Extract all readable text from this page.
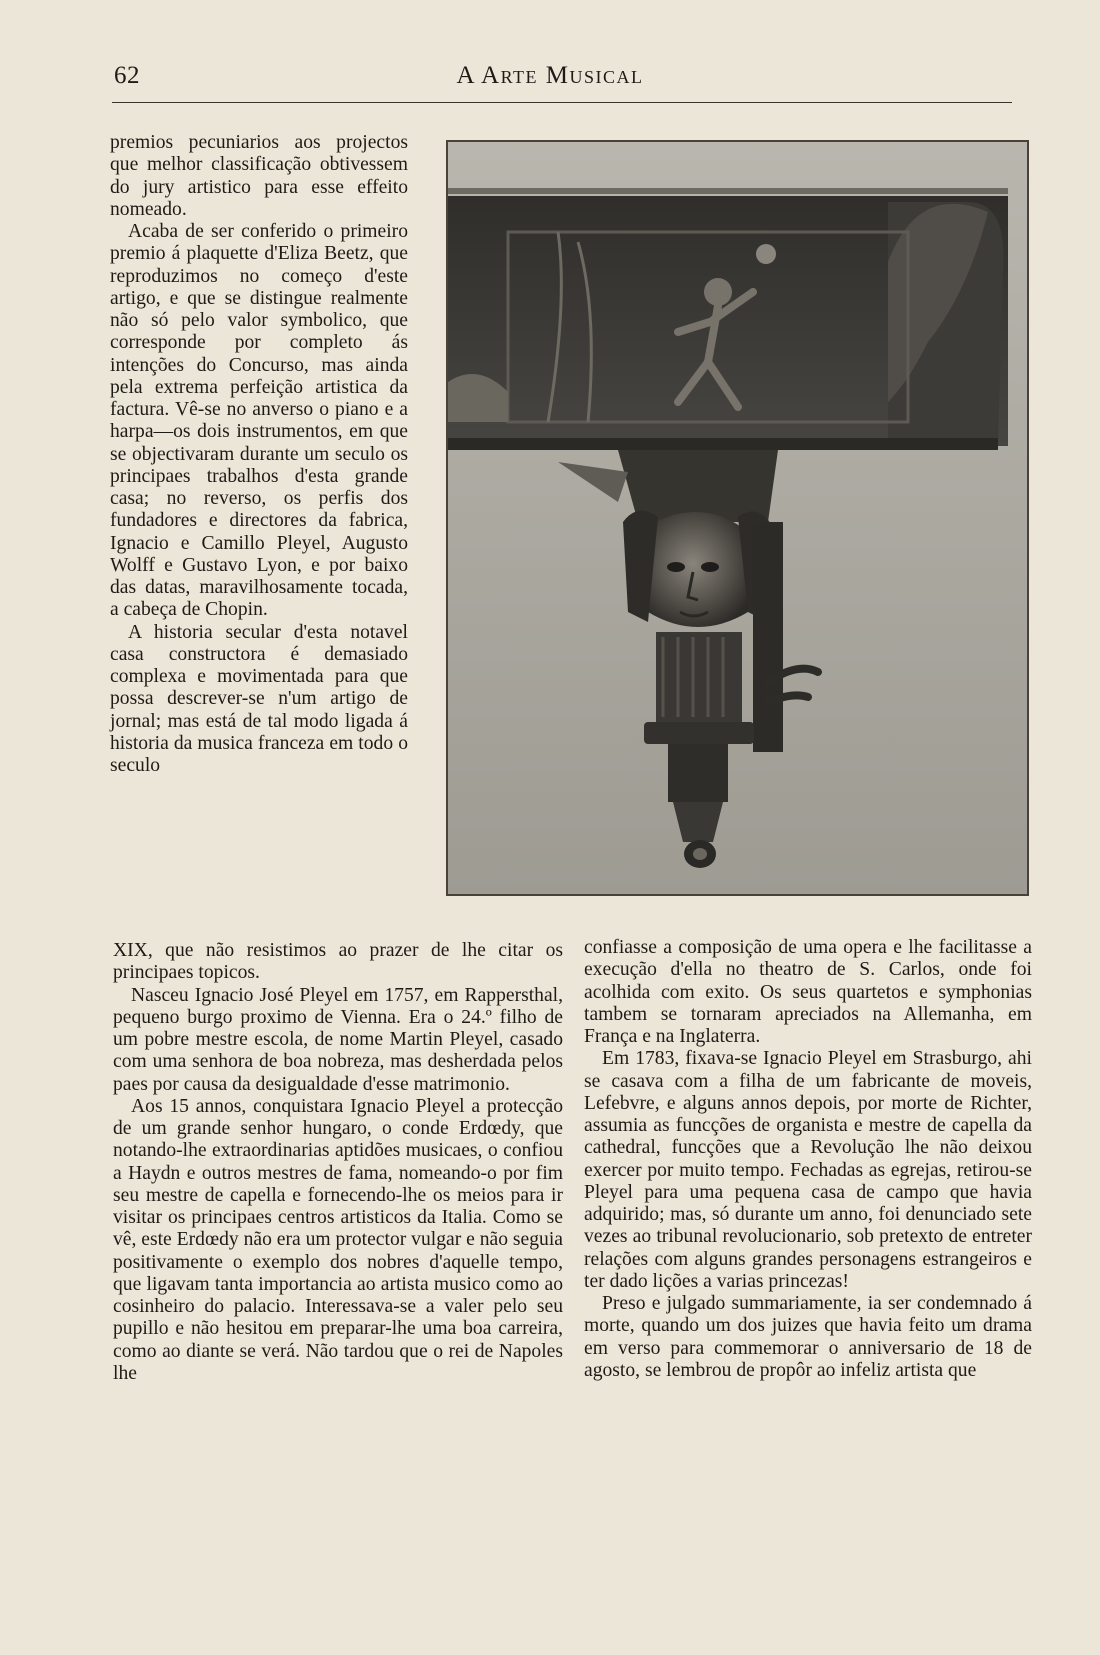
62	A Arte Musical

premios pecuniarios aos projectos que melhor classificação obtivessem do jury artistico para esse effeito nomeado.

Acaba de ser conferido o primeiro premio á plaquette d'Eliza Beetz, que reproduzimos no começo d'este artigo, e que se distingue realmente não só pelo valor symbolico, que corresponde por completo ás intenções do Concurso, mas ainda pela extrema perfeição artistica da factura. Vê-se no anverso o piano e a harpa—os dois instrumentos, em que se objectivaram durante um seculo os principaes trabalhos d'esta grande casa; no reverso, os perfis dos fundadores e directores da fabrica, Ignacio e Camillo Pleyel, Augusto Wolff e Gustavo Lyon, e por baixo das datas, maravilhosamente tocada, a cabeça de Chopin.

A historia secular d'esta notavel casa constructora é demasiado complexa e movimentada para que possa descrever-se n'um artigo de jornal; mas está de tal modo ligada á historia da musica franceza em todo o seculo

XIX, que não resistimos ao prazer de lhe citar os principaes topicos.

Nasceu Ignacio José Pleyel em 1757, em Rappersthal, pequeno burgo proximo de Vienna. Era o 24.º filho de um pobre mestre escola, de nome Martin Pleyel, casado com uma senhora de boa nobreza, mas desherdada pelos paes por causa da desigualdade d'esse matrimonio.

Aos 15 annos, conquistara Ignacio Pleyel a protecção de um grande senhor hungaro, o conde Erdœdy, que notando-lhe extraordinarias aptidões musicaes, o confiou a Haydn e outros mestres de fama, nomeando-o por fim seu mestre de capella e fornecendo-lhe os meios para ir visitar os principaes centros artisticos da Italia. Como se vê, este Erdœdy não era um protector vulgar e não seguia positivamente o exemplo dos nobres d'aquelle tempo, que ligavam tanta importancia ao artista musico como ao cosinheiro do palacio. Interessava-se a valer pelo seu pupillo e não hesitou em preparar-lhe uma boa carreira, como ao diante se verá. Não tardou que o rei de Napoles lhe

confiasse a composição de uma opera e lhe facilitasse a execução d'ella no theatro de S. Carlos, onde foi acolhida com exito. Os seus quartetos e symphonias tambem se tornaram apreciados na Allemanha, em França e na Inglaterra.

Em 1783, fixava-se Ignacio Pleyel em Strasburgo, ahi se casava com a filha de um fabricante de moveis, Lefebvre, e alguns annos depois, por morte de Richter, assumia as funcções de organista e mestre de capella da cathedral, funcções que a Revolução lhe não deixou exercer por muito tempo. Fechadas as egrejas, retirou-se Pleyel para uma pequena casa de campo que havia adquirido; mas, só durante um anno, foi denunciado sete vezes ao tribunal revolucionario, sob pretexto de entreter relações com alguns grandes personagens estrangeiros e ter dado lições a varias princezas!

Preso e julgado summariamente, ia ser condemnado á morte, quando um dos juizes que havia feito um drama em verso para commemorar o anniversario de 18 de agosto, se lembrou de propôr ao infeliz artista que
